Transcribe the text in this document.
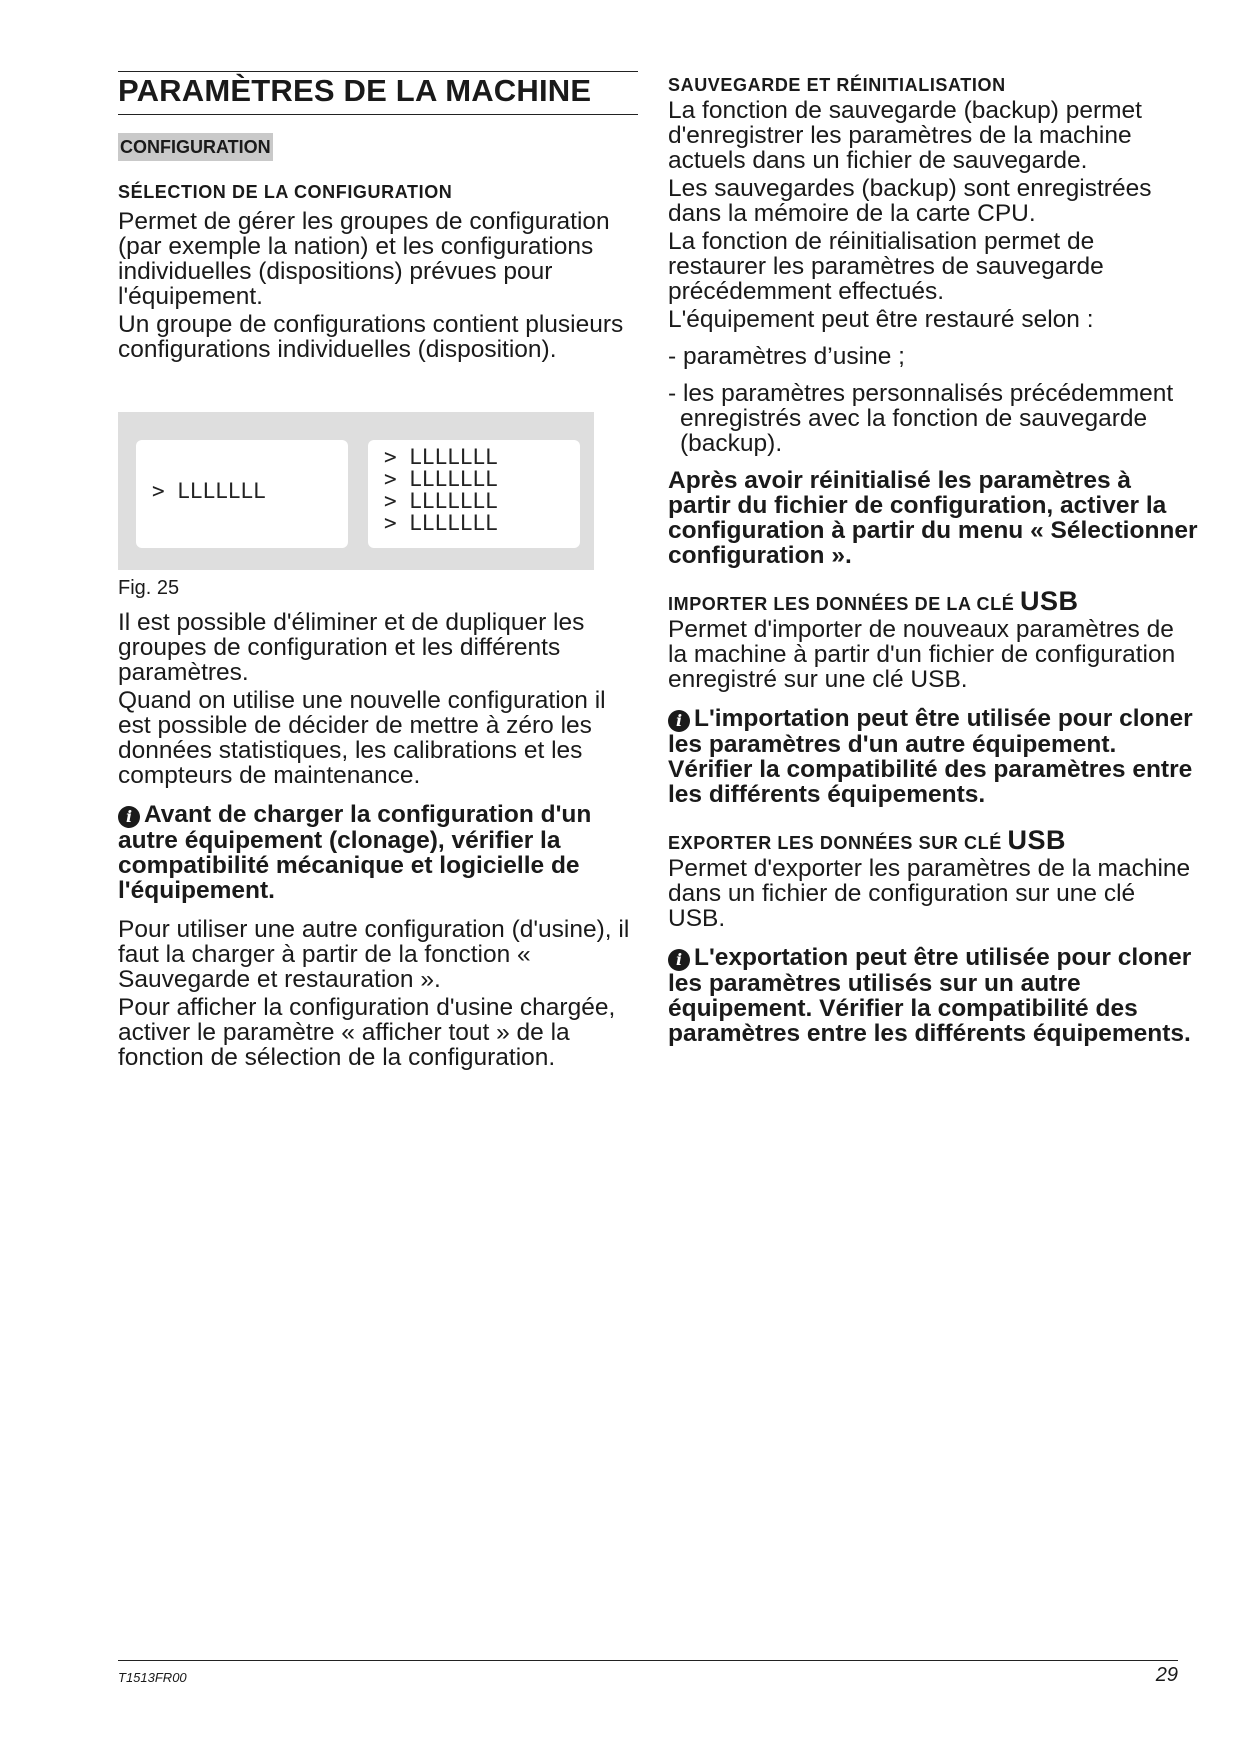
PARAMÈTRES DE LA MACHINE
CONFIGURATION
SÉLECTION DE LA CONFIGURATION

Permet de gérer les groupes de configuration (par exemple la nation) et les configurations individuelles (dispositions) prévues pour l'équipement.

Un groupe de configurations contient plusieurs configurations individuelles (disposition).

> LLLLLLL
> LLLLLLL
> LLLLLLL
> LLLLLLL
> LLLLLLL
Fig. 25

Il est possible d'éliminer et de dupliquer les groupes de configuration et les différents paramètres.

Quand on utilise une nouvelle configuration il est possible de décider de mettre à zéro les données statistiques, les calibrations et les compteurs de maintenance.

i Avant de charger la configuration d'un autre équipement (clonage), vérifier la compatibilité mécanique et logicielle de l'équipement.

Pour utiliser une autre configuration (d'usine), il faut la charger à partir de la fonction « Sauvegarde et restauration ».

Pour afficher la configuration d'usine chargée, activer le paramètre « afficher tout » de la fonction de sélection de la configuration.

SAUVEGARDE ET RÉINITIALISATION

La fonction de sauvegarde (backup) permet d'enregistrer les paramètres de la machine actuels dans un fichier de sauvegarde.

Les sauvegardes (backup) sont enregistrées dans la mémoire de la carte CPU.

La fonction de réinitialisation permet de restaurer les paramètres de sauvegarde précédemment effectués.

L'équipement peut être restauré selon :

- paramètres d’usine ;
- les paramètres personnalisés précédemment enregistrés avec la fonction de sauvegarde (backup).

Après avoir réinitialisé les paramètres à partir du fichier de configuration, activer la configuration à partir du menu « Sélectionner configuration ».

IMPORTER LES DONNÉES DE LA CLÉ USB

Permet d'importer de nouveaux paramètres de la machine à partir d'un fichier de configuration enregistré sur une clé USB.

i L'importation peut être utilisée pour cloner les paramètres d'un autre équipement. Vérifier la compatibilité des paramètres entre les différents équipements.

EXPORTER LES DONNÉES SUR CLÉ USB

Permet d'exporter les paramètres de la machine dans un fichier de configuration sur une clé USB.

i L'exportation peut être utilisée pour cloner les paramètres utilisés sur un autre équipement. Vérifier la compatibilité des paramètres entre les différents équipements.

T1513FR00	29
